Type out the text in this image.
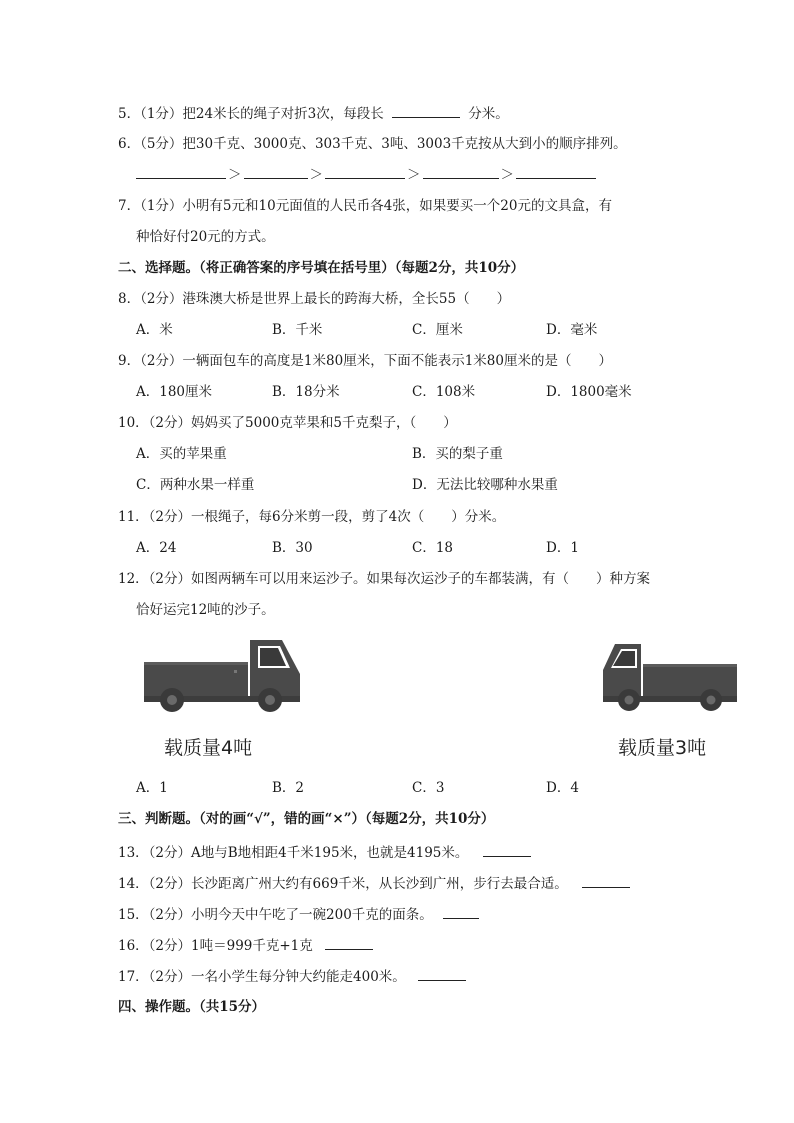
5．（1分）把24米长的绳子对折3次，每段长	分米。
6．（5分）把30千克、3000克、303千克、3吨、3003千克按从大到小的顺序排列。
＞	＞	＞	＞
7．（1分）小明有5元和10元面值的人民币各4张，如果要买一个20元的文具盒，有
种恰好付20元的方式。
二、选择题。（将正确答案的序号填在括号里）（每题2分，共10分）
8．（2分）港珠澳大桥是世界上最长的跨海大桥，全长55（　　）
A．米	B．千米	C．厘米	D．毫米
9．（2分）一辆面包车的高度是1米80厘米，下面不能表示1米80厘米的是（　　）
A．180厘米	B．18分米	C．108米	D．1800毫米
10．（2分）妈妈买了5000克苹果和5千克梨子，（　　）
A．买的苹果重	B．买的梨子重
C．两种水果一样重	D．无法比较哪种水果重
11．（2分）一根绳子，每6分米剪一段，剪了4次（　　）分米。
A．24	B．30	C．18	D．1
12．（2分）如图两辆车可以用来运沙子。如果每次运沙子的车都装满，有（　　）种方案
恰好运完12吨的沙子。
载质量4吨	载质量3吨
A．1	B．2	C．3	D．4
三、判断题。（对的画“√”，错的画“×”）（每题2分，共10分）
13．（2分）A地与B地相距4千米195米，也就是4195米。
14．（2分）长沙距离广州大约有669千米，从长沙到广州，步行去最合适。
15．（2分）小明今天中午吃了一碗200千克的面条。
16．（2分）1吨＝999千克+1克
17．（2分）一名小学生每分钟大约能走400米。
四、操作题。（共15分）
